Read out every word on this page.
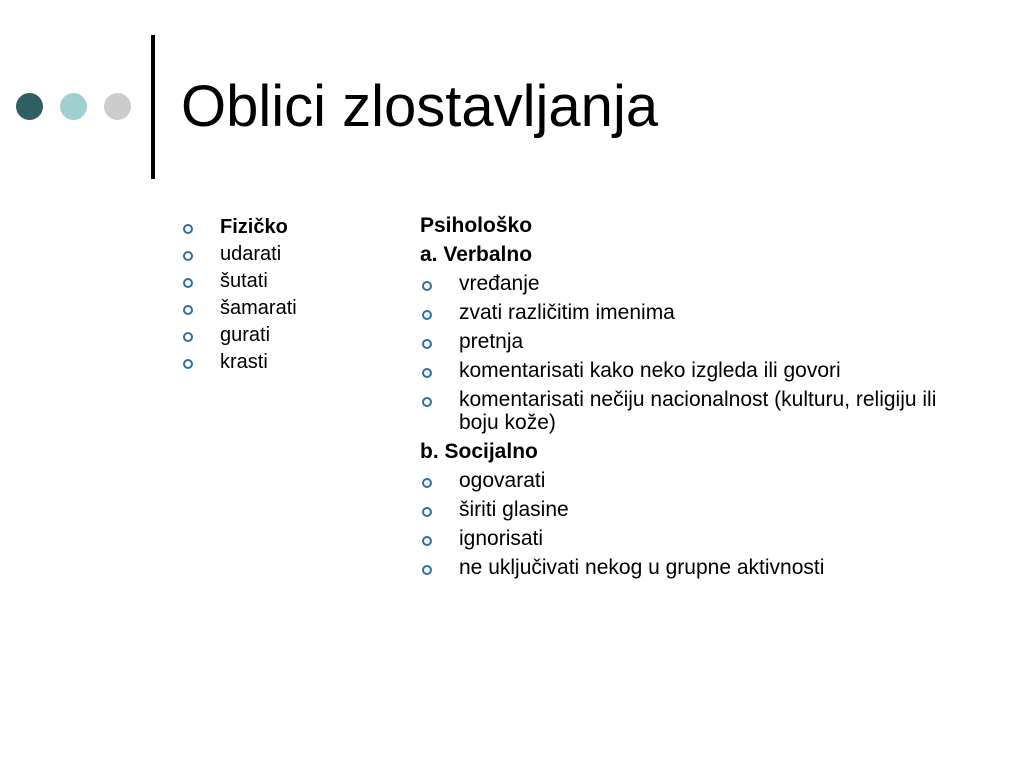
Oblici zlostavljanja
Fizičko
udarati
šutati
šamarati
gurati
krasti
Psihološko
a. Verbalno
vređanje
zvati različitim imenima
pretnja
komentarisati kako neko izgleda ili govori
komentarisati nečiju nacionalnost (kulturu, religiju ili boju kože)
b. Socijalno
ogovarati
širiti glasine
ignorisati
ne uključivati nekog u grupne aktivnosti
